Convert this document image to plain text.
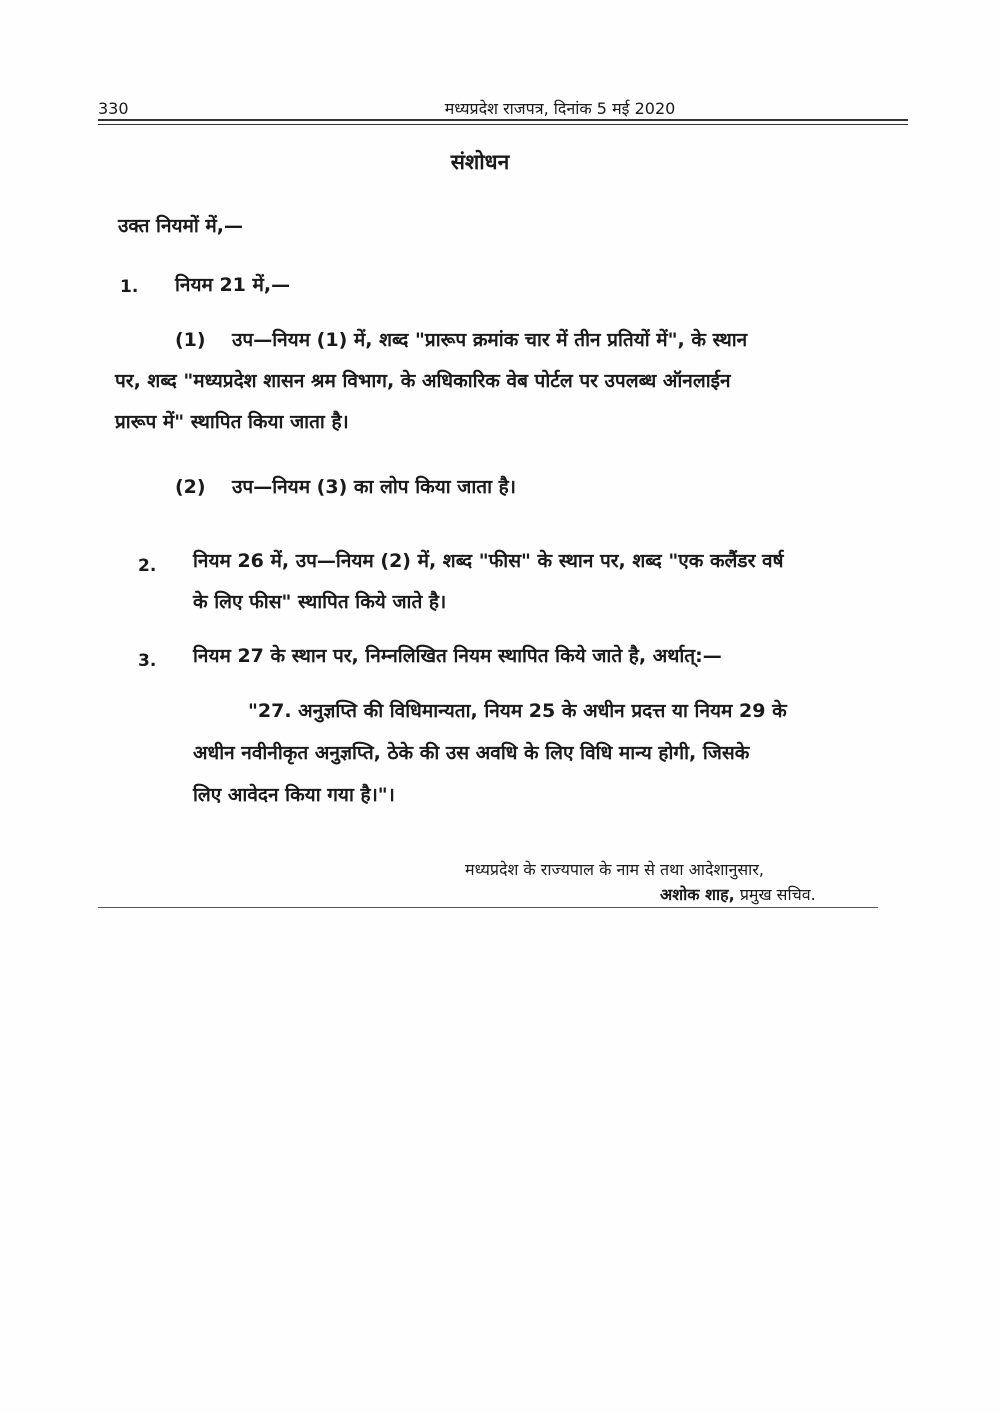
330	मध्यप्रदेश राजपत्र, दिनांक 5 मई 2020
संशोधन
उक्त नियमों में,—
1. नियम 21 में,—
(1) उप—नियम (1) में, शब्द "प्रारूप क्रमांक चार में तीन प्रतियों में", के स्थान
पर, शब्द "मध्यप्रदेश शासन श्रम विभाग, के अधिकारिक वेब पोर्टल पर उपलब्ध ऑनलाईन
प्रारूप में" स्थापित किया जाता है।
(2) उप—नियम (3) का लोप किया जाता है।
2. नियम 26 में, उप—नियम (2) में, शब्द "फीस" के स्थान पर, शब्द "एक कलैंडर वर्ष
के लिए फीस" स्थापित किये जाते है।
3. नियम 27 के स्थान पर, निम्नलिखित नियम स्थापित किये जाते है, अर्थात्:—
"27. अनुज्ञप्ति की विधिमान्यता, नियम 25 के अधीन प्रदत्त या नियम 29 के
अधीन नवीनीकृत अनुज्ञप्ति, ठेके की उस अवधि के लिए विधि मान्य होगी, जिसके
लिए आवेदन किया गया है।"।
मध्यप्रदेश के राज्यपाल के नाम से तथा आदेशानुसार,
अशोक शाह, प्रमुख सचिव.
